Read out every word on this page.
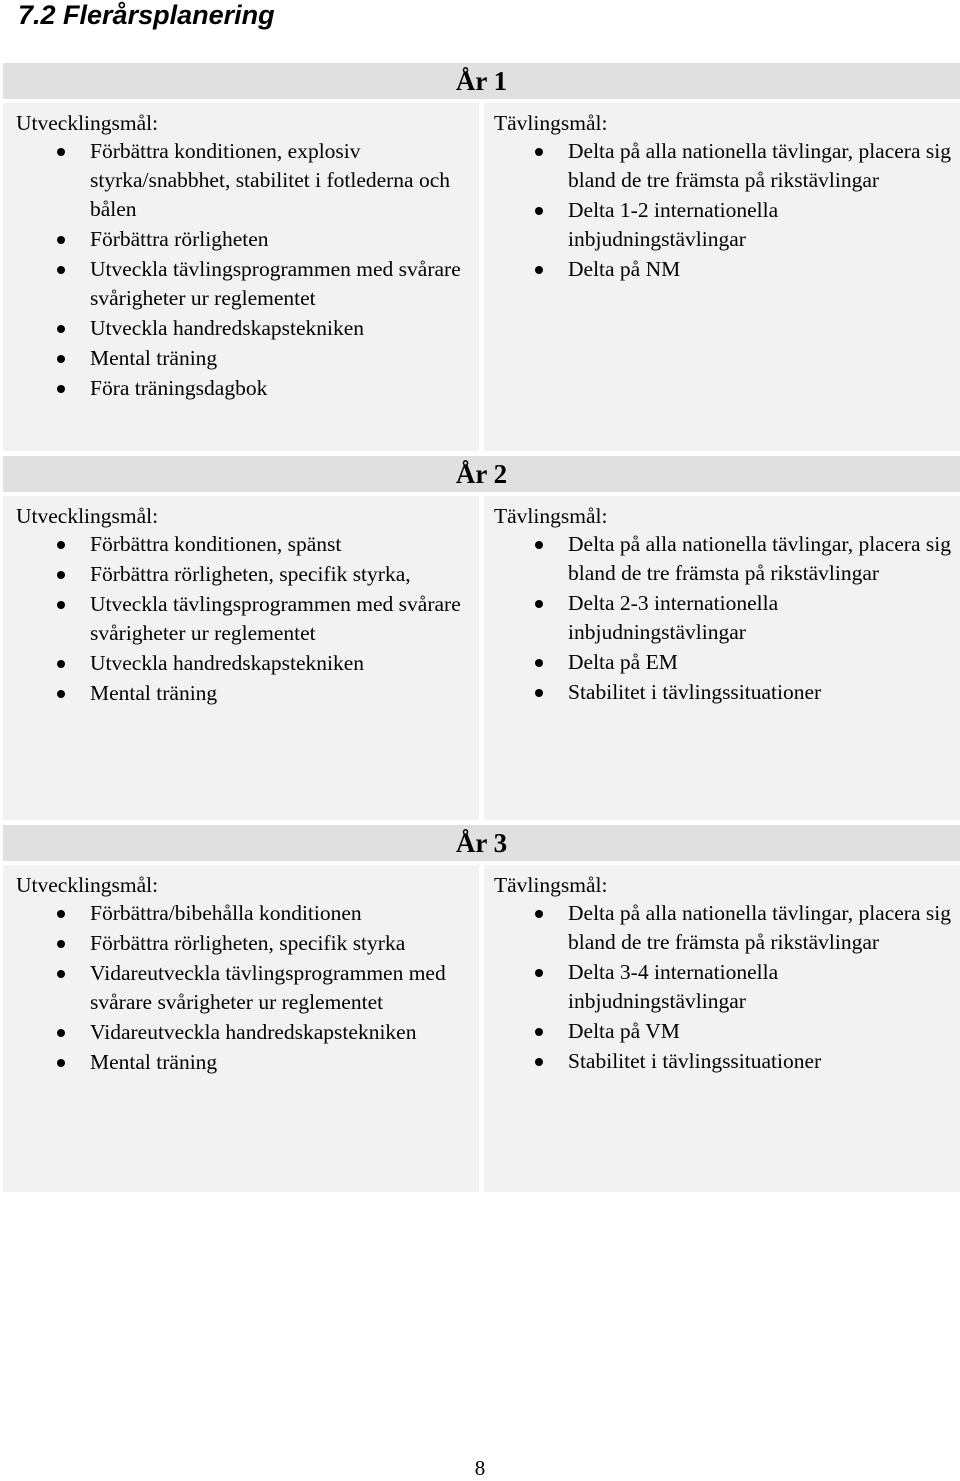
7.2 Flerårsplanering
År 1
Utvecklingsmål:
Förbättra konditionen, explosiv styrka/snabbhet, stabilitet i fotlederna och bålen
Förbättra rörligheten
Utveckla tävlingsprogrammen med svårare svårigheter ur reglementet
Utveckla handredskapstekniken
Mental träning
Föra träningsdagbok
Tävlingsmål:
Delta på alla nationella tävlingar, placera sig bland de tre främsta på rikstävlingar
Delta 1-2 internationella inbjudningstävlingar
Delta på NM
År 2
Utvecklingsmål:
Förbättra konditionen, spänst
Förbättra rörligheten, specifik styrka,
Utveckla tävlingsprogrammen med svårare svårigheter ur reglementet
Utveckla handredskapstekniken
Mental träning
Tävlingsmål:
Delta på alla nationella tävlingar, placera sig bland de tre främsta på rikstävlingar
Delta 2-3 internationella inbjudningstävlingar
Delta på EM
Stabilitet i tävlingssituationer
År 3
Utvecklingsmål:
Förbättra/bibehålla konditionen
Förbättra rörligheten, specifik styrka
Vidareutveckla tävlingsprogrammen med svårare svårigheter ur reglementet
Vidareutveckla handredskapstekniken
Mental träning
Tävlingsmål:
Delta på alla nationella tävlingar, placera sig bland de tre främsta på rikstävlingar
Delta 3-4 internationella inbjudningstävlingar
Delta på VM
Stabilitet i tävlingssituationer
8
